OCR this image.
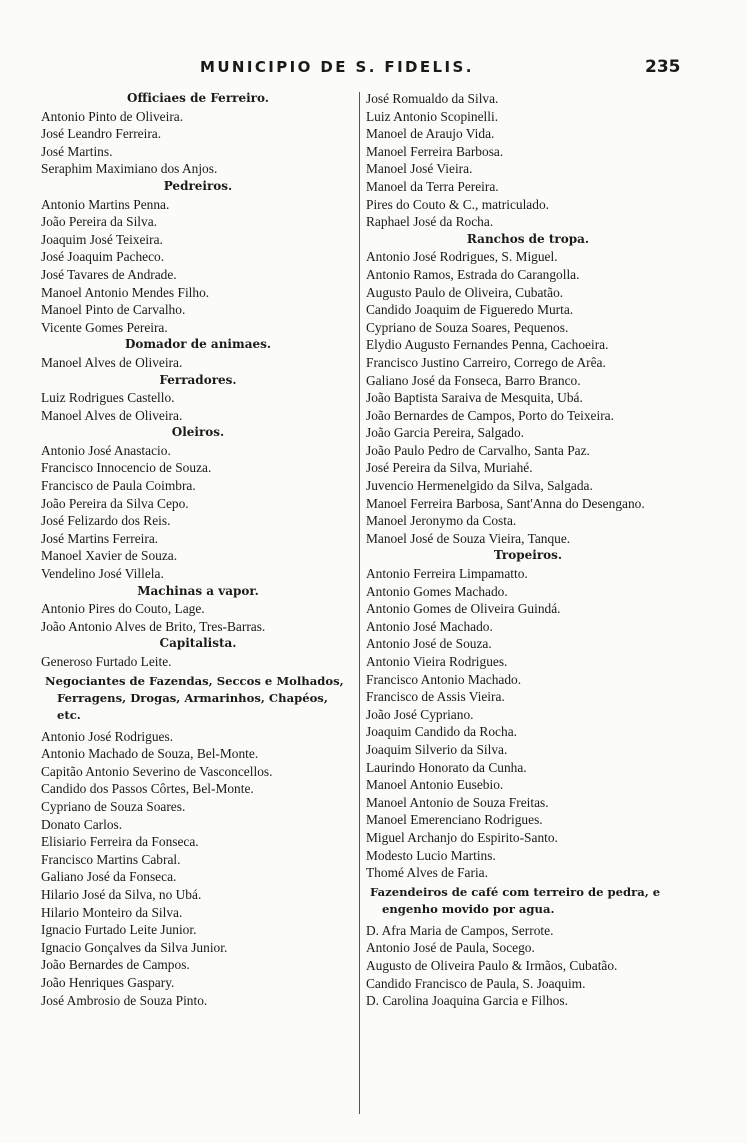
MUNICIPIO DE S. FIDELIS.	235
Officiaes de Ferreiro.
Antonio Pinto de Oliveira.
José Leandro Ferreira.
José Martins.
Seraphim Maximiano dos Anjos.
Pedreiros.
Antonio Martins Penna.
João Pereira da Silva.
Joaquim José Teixeira.
José Joaquim Pacheco.
José Tavares de Andrade.
Manoel Antonio Mendes Filho.
Manoel Pinto de Carvalho.
Vicente Gomes Pereira.
Domador de animaes.
Manoel Alves de Oliveira.
Ferradores.
Luiz Rodrigues Castello.
Manoel Alves de Oliveira.
Oleiros.
Antonio José Anastacio.
Francisco Innocencio de Souza.
Francisco de Paula Coimbra.
João Pereira da Silva Cepo.
José Felizardo dos Reis.
José Martins Ferreira.
Manoel Xavier de Souza.
Vendelino José Villela.
Machinas a vapor.
Antonio Pires do Couto, Lage.
João Antonio Alves de Brito, Tres-Barras.
Capitalista.
Generoso Furtado Leite.
Negociantes de Fazendas, Seccos e Molhados, Ferragens, Drogas, Armarinhos, Chapéos, etc.
Antonio José Rodrigues.
Antonio Machado de Souza, Bel-Monte.
Capitão Antonio Severino de Vasconcellos.
Candido dos Passos Côrtes, Bel-Monte.
Cypriano de Souza Soares.
Donato Carlos.
Elisiario Ferreira da Fonseca.
Francisco Martins Cabral.
Galiano José da Fonseca.
Hilario José da Silva, no Ubá.
Hilario Monteiro da Silva.
Ignacio Furtado Leite Junior.
Ignacio Gonçalves da Silva Junior.
João Bernardes de Campos.
João Henriques Gaspary.
José Ambrosio de Souza Pinto.
José Romualdo da Silva.
Luiz Antonio Scopinelli.
Manoel de Araujo Vida.
Manoel Ferreira Barbosa.
Manoel José Vieira.
Manoel da Terra Pereira.
Pires do Couto & C., matriculado.
Raphael José da Rocha.
Ranchos de tropa.
Antonio José Rodrigues, S. Miguel.
Antonio Ramos, Estrada do Carangolla.
Augusto Paulo de Oliveira, Cubatão.
Candido Joaquim de Figueredo Murta.
Cypriano de Souza Soares, Pequenos.
Elydio Augusto Fernandes Penna, Cachoeira.
Francisco Justino Carreiro, Corrego de Arêa.
Galiano José da Fonseca, Barro Branco.
João Baptista Saraiva de Mesquita, Ubá.
João Bernardes de Campos, Porto do Teixeira.
João Garcia Pereira, Salgado.
João Paulo Pedro de Carvalho, Santa Paz.
José Pereira da Silva, Muriahé.
Juvencio Hermenelgido da Silva, Salgada.
Manoel Ferreira Barbosa, Sant'Anna do Desengano.
Manoel Jeronymo da Costa.
Manoel José de Souza Vieira, Tanque.
Tropeiros.
Antonio Ferreira Limpamatto.
Antonio Gomes Machado.
Antonio Gomes de Oliveira Guindá.
Antonio José Machado.
Antonio José de Souza.
Antonio Vieira Rodrigues.
Francisco Antonio Machado.
Francisco de Assis Vieira.
João José Cypriano.
Joaquim Candido da Rocha.
Joaquim Silverio da Silva.
Laurindo Honorato da Cunha.
Manoel Antonio Eusebio.
Manoel Antonio de Souza Freitas.
Manoel Emerenciano Rodrigues.
Miguel Archanjo do Espirito-Santo.
Modesto Lucio Martins.
Thomé Alves de Faria.
Fazendeiros de café com terreiro de pedra, e engenho movido por agua.
D. Afra Maria de Campos, Serrote.
Antonio José de Paula, Socego.
Augusto de Oliveira Paulo & Irmãos, Cubatão.
Candido Francisco de Paula, S. Joaquim.
D. Carolina Joaquina Garcia e Filhos.
